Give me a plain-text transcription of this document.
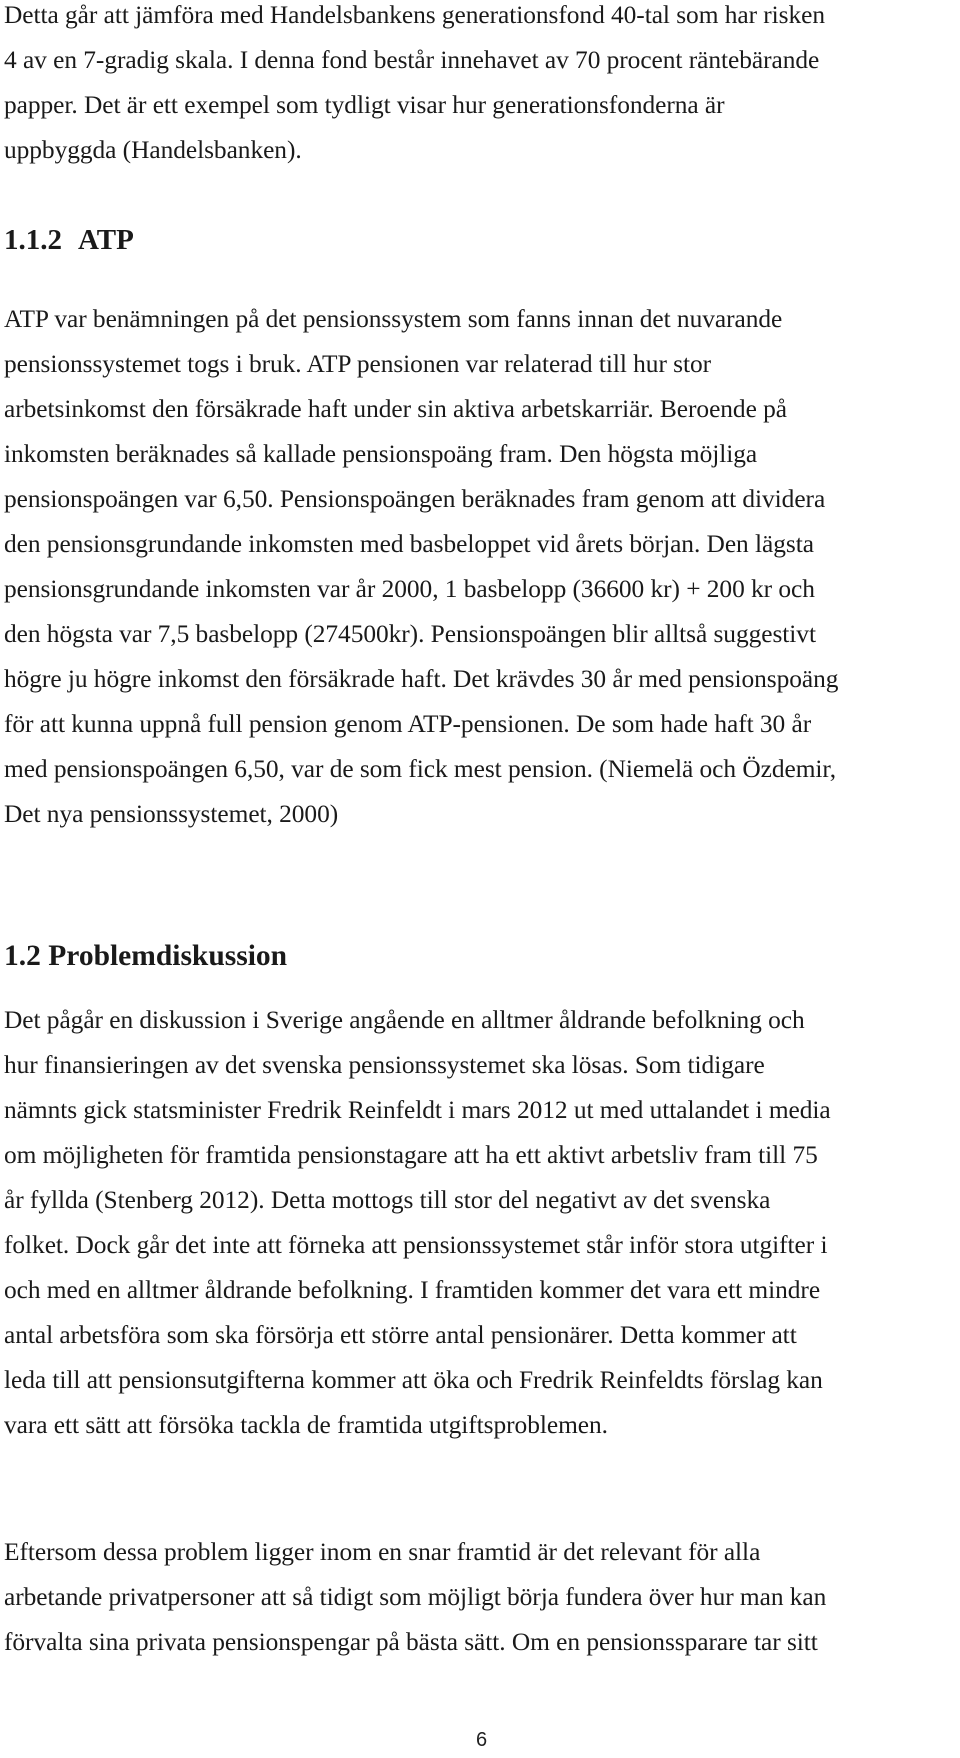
Detta går att jämföra med Handelsbankens generationsfond 40-tal som har risken
4 av en 7-gradig skala. I denna fond består innehavet av 70 procent räntebärande
papper. Det är ett exempel som tydligt visar hur generationsfonderna är
uppbyggda (Handelsbanken).

1.1.2 ATP

ATP var benämningen på det pensionssystem som fanns innan det nuvarande
pensionssystemet togs i bruk. ATP pensionen var relaterad till hur stor
arbetsinkomst den försäkrade haft under sin aktiva arbetskarriär. Beroende på
inkomsten beräknades så kallade pensionspoäng fram. Den högsta möjliga
pensionspoängen var 6,50. Pensionspoängen beräknades fram genom att dividera
den pensionsgrundande inkomsten med basbeloppet vid årets början. Den lägsta
pensionsgrundande inkomsten var år 2000, 1 basbelopp (36600 kr) + 200 kr och
den högsta var 7,5 basbelopp (274500kr). Pensionspoängen blir alltså suggestivt
högre ju högre inkomst den försäkrade haft. Det krävdes 30 år med pensionspoäng
för att kunna uppnå full pension genom ATP-pensionen. De som hade haft 30 år
med pensionspoängen 6,50, var de som fick mest pension. (Niemelä och Özdemir,
Det nya pensionssystemet, 2000)

1.2 Problemdiskussion

Det pågår en diskussion i Sverige angående en alltmer åldrande befolkning och
hur finansieringen av det svenska pensionssystemet ska lösas. Som tidigare
nämnts gick statsminister Fredrik Reinfeldt i mars 2012 ut med uttalandet i media
om möjligheten för framtida pensionstagare att ha ett aktivt arbetsliv fram till 75
år fyllda (Stenberg 2012). Detta mottogs till stor del negativt av det svenska
folket. Dock går det inte att förneka att pensionssystemet står inför stora utgifter i
och med en alltmer åldrande befolkning. I framtiden kommer det vara ett mindre
antal arbetsföra som ska försörja ett större antal pensionärer. Detta kommer att
leda till att pensionsutgifterna kommer att öka och Fredrik Reinfeldts förslag kan
vara ett sätt att försöka tackla de framtida utgiftsproblemen.

Eftersom dessa problem ligger inom en snar framtid är det relevant för alla
arbetande privatpersoner att så tidigt som möjligt börja fundera över hur man kan
förvalta sina privata pensionspengar på bästa sätt. Om en pensionssparare tar sitt

6
